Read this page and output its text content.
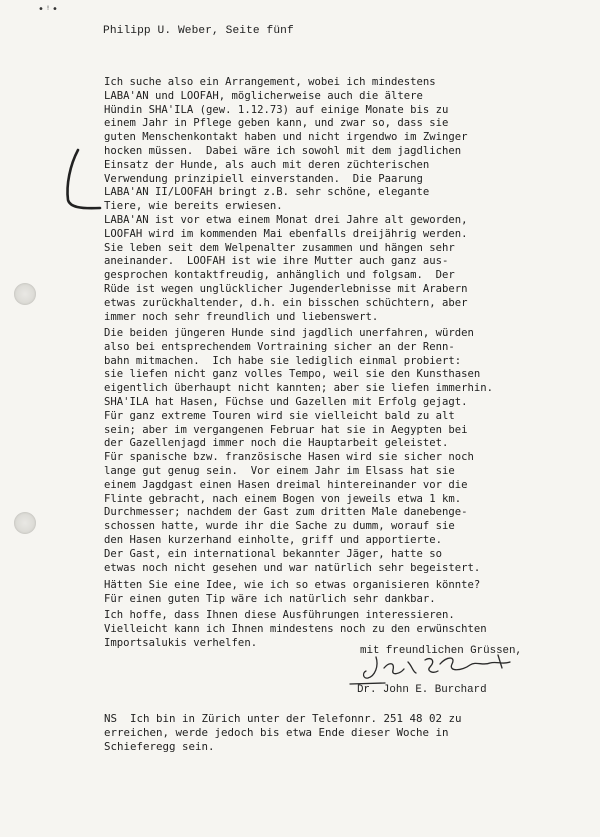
• ᵎ •
Philipp U. Weber, Seite fünf
Ich suche also ein Arrangement, wobei ich mindestens
LABA'AN und LOOFAH, möglicherweise auch die ältere
Hündin SHA'ILA (gew. 1.12.73) auf einige Monate bis zu
einem Jahr in Pflege geben kann, und zwar so, dass sie
guten Menschenkontakt haben und nicht irgendwo im Zwinger
hocken müssen.  Dabei wäre ich sowohl mit dem jagdlichen
Einsatz der Hunde, als auch mit deren züchterischen
Verwendung prinzipiell einverstanden.  Die Paarung
LABA'AN II/LOOFAH bringt z.B. sehr schöne, elegante
Tiere, wie bereits erwiesen.
LABA'AN ist vor etwa einem Monat drei Jahre alt geworden,
LOOFAH wird im kommenden Mai ebenfalls dreijährig werden.
Sie leben seit dem Welpenalter zusammen und hängen sehr
aneinander.  LOOFAH ist wie ihre Mutter auch ganz aus-
gesprochen kontaktfreudig, anhänglich und folgsam.  Der
Rüde ist wegen unglücklicher Jugenderlebnisse mit Arabern
etwas zurückhaltender, d.h. ein bisschen schüchtern, aber
immer noch sehr freundlich und liebenswert.
Die beiden jüngeren Hunde sind jagdlich unerfahren, würden
also bei entsprechendem Vortraining sicher an der Renn-
bahn mitmachen.  Ich habe sie lediglich einmal probiert:
sie liefen nicht ganz volles Tempo, weil sie den Kunsthasen
eigentlich überhaupt nicht kannten; aber sie liefen immerhin.
SHA'ILA hat Hasen, Füchse und Gazellen mit Erfolg gejagt.
Für ganz extreme Touren wird sie vielleicht bald zu alt
sein; aber im vergangenen Februar hat sie in Aegypten bei
der Gazellenjagd immer noch die Hauptarbeit geleistet.
Für spanische bzw. französische Hasen wird sie sicher noch
lange gut genug sein.  Vor einem Jahr im Elsass hat sie
einem Jagdgast einen Hasen dreimal hintereinander vor die
Flinte gebracht, nach einem Bogen von jeweils etwa 1 km.
Durchmesser; nachdem der Gast zum dritten Male danebenge-
schossen hatte, wurde ihr die Sache zu dumm, worauf sie
den Hasen kurzerhand einholte, griff und apportierte.
Der Gast, ein international bekannter Jäger, hatte so
etwas noch nicht gesehen und war natürlich sehr begeistert.
Hätten Sie eine Idee, wie ich so etwas organisieren könnte?
Für einen guten Tip wäre ich natürlich sehr dankbar.
Ich hoffe, dass Ihnen diese Ausführungen interessieren.
Vielleicht kann ich Ihnen mindestens noch zu den erwünschten
Importsalukis verhelfen.
mit freundlichen Grüssen,
Dr. John E. Burchard
NS  Ich bin in Zürich unter der Telefonnr. 251 48 02 zu
erreichen, werde jedoch bis etwa Ende dieser Woche in
Schieferegg sein.
